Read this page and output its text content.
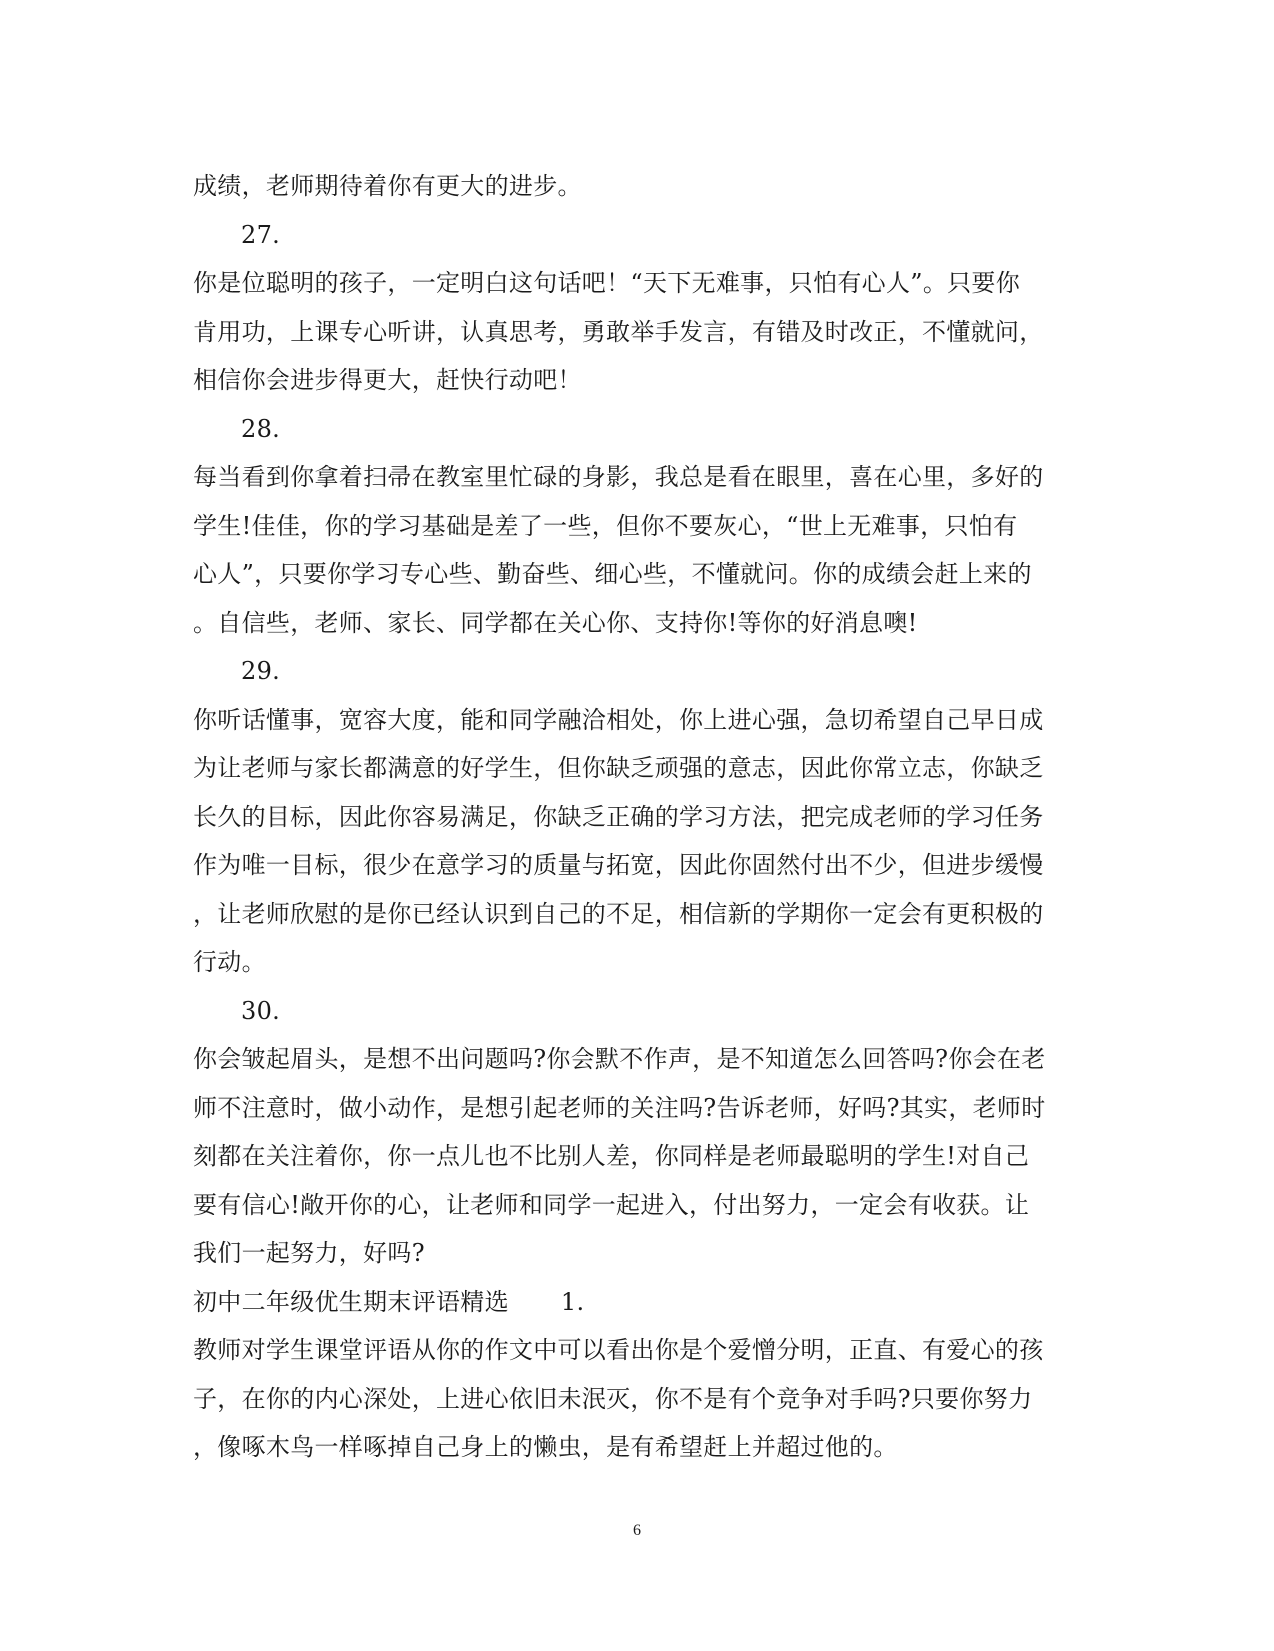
成绩，老师期待着你有更大的进步。
27.
你是位聪明的孩子，一定明白这句话吧！“天下无难事，只怕有心人”。只要你
肯用功，上课专心听讲，认真思考，勇敢举手发言，有错及时改正，不懂就问，
相信你会进步得更大，赶快行动吧！
28.
每当看到你拿着扫帚在教室里忙碌的身影，我总是看在眼里，喜在心里，多好的
学生!佳佳，你的学习基础是差了一些，但你不要灰心，“世上无难事，只怕有
心人”，只要你学习专心些、勤奋些、细心些，不懂就问。你的成绩会赶上来的
。自信些，老师、家长、同学都在关心你、支持你!等你的好消息噢!
29.
你听话懂事，宽容大度，能和同学融洽相处，你上进心强，急切希望自己早日成
为让老师与家长都满意的好学生，但你缺乏顽强的意志，因此你常立志，你缺乏
长久的目标，因此你容易满足，你缺乏正确的学习方法，把完成老师的学习任务
作为唯一目标，很少在意学习的质量与拓宽，因此你固然付出不少，但进步缓慢
，让老师欣慰的是你已经认识到自己的不足，相信新的学期你一定会有更积极的
行动。
30.
你会皱起眉头，是想不出问题吗?你会默不作声，是不知道怎么回答吗?你会在老
师不注意时，做小动作，是想引起老师的关注吗?告诉老师，好吗?其实，老师时
刻都在关注着你，你一点儿也不比别人差，你同样是老师最聪明的学生!对自己
要有信心!敞开你的心，让老师和同学一起进入，付出努力，一定会有收获。让
我们一起努力，好吗?
初中二年级优生期末评语精选 1.
教师对学生课堂评语从你的作文中可以看出你是个爱憎分明，正直、有爱心的孩
子，在你的内心深处，上进心依旧未泯灭，你不是有个竞争对手吗?只要你努力
，像啄木鸟一样啄掉自己身上的懒虫，是有希望赶上并超过他的。
6
